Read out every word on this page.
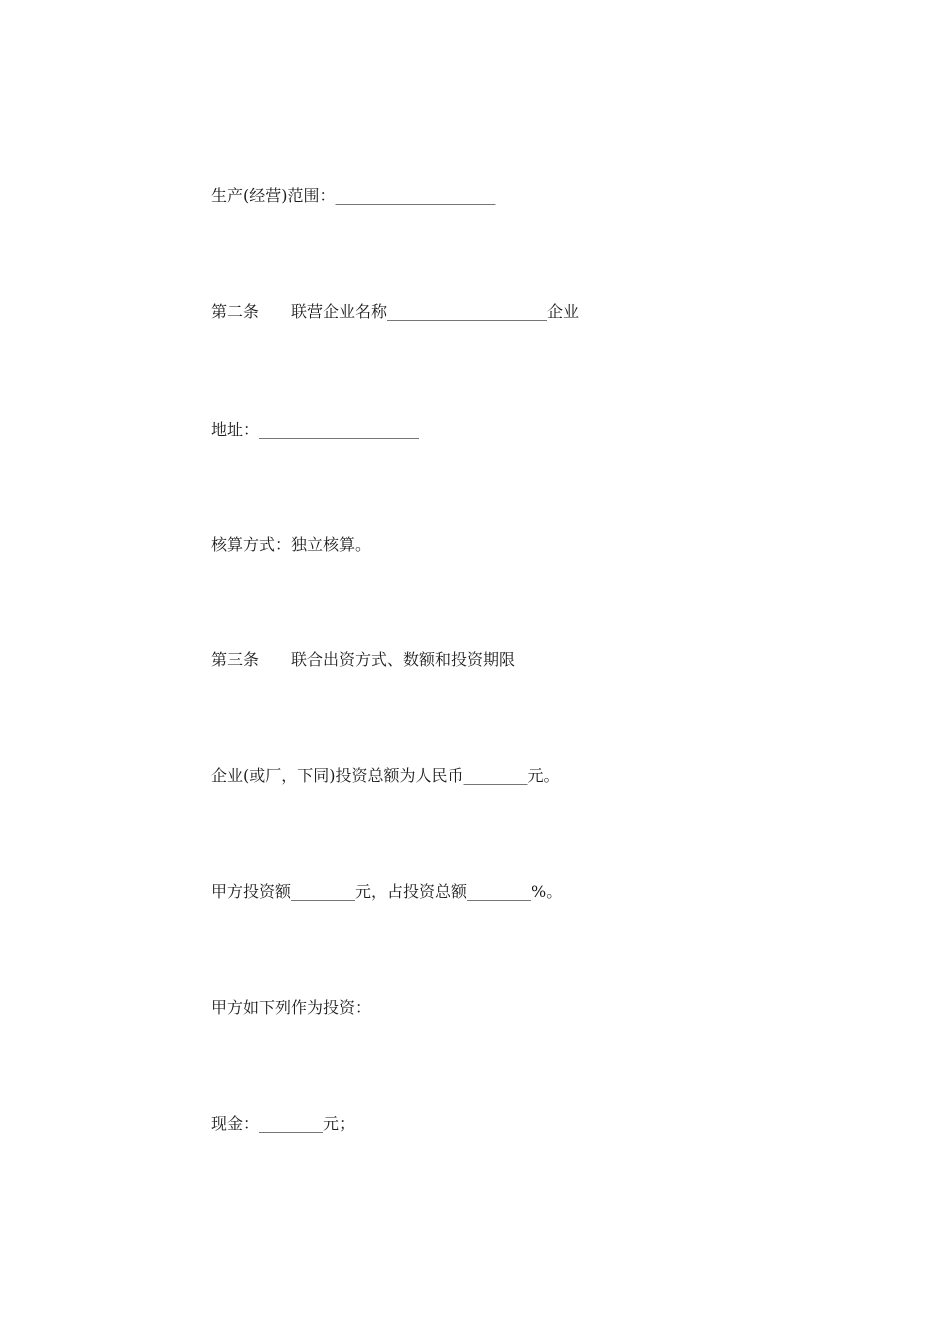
生产(经营)范围：____________________
第二条　　联营企业名称____________________企业
地址：____________________
核算方式：独立核算。
第三条　　联合出资方式、数额和投资期限
企业(或厂，下同)投资总额为人民币________元。
甲方投资额________元，占投资总额________%。
甲方如下列作为投资：
现金：________元；
